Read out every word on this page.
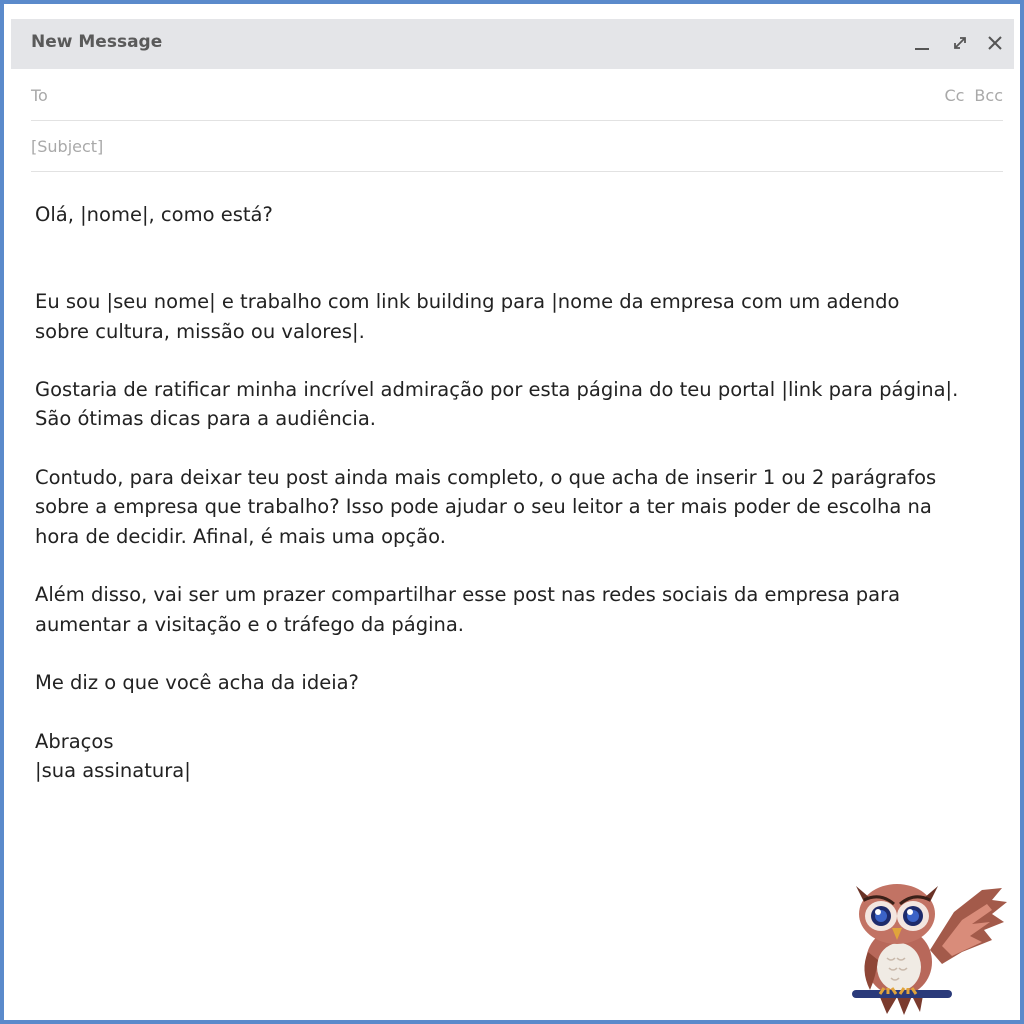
New Message
To	Cc Bcc
[Subject]

Olá, |nome|, como está?

Eu sou |seu nome| e trabalho com link building para |nome da empresa com um adendo
sobre cultura, missão ou valores|.

Gostaria de ratificar minha incrível admiração por esta página do teu portal |link para página|.
São ótimas dicas para a audiência.

Contudo, para deixar teu post ainda mais completo, o que acha de inserir 1 ou 2 parágrafos
sobre a empresa que trabalho? Isso pode ajudar o seu leitor a ter mais poder de escolha na
hora de decidir. Afinal, é mais uma opção.

Além disso, vai ser um prazer compartilhar esse post nas redes sociais da empresa para
aumentar a visitação e o tráfego da página.

Me diz o que você acha da ideia?

Abraços

|sua assinatura|
